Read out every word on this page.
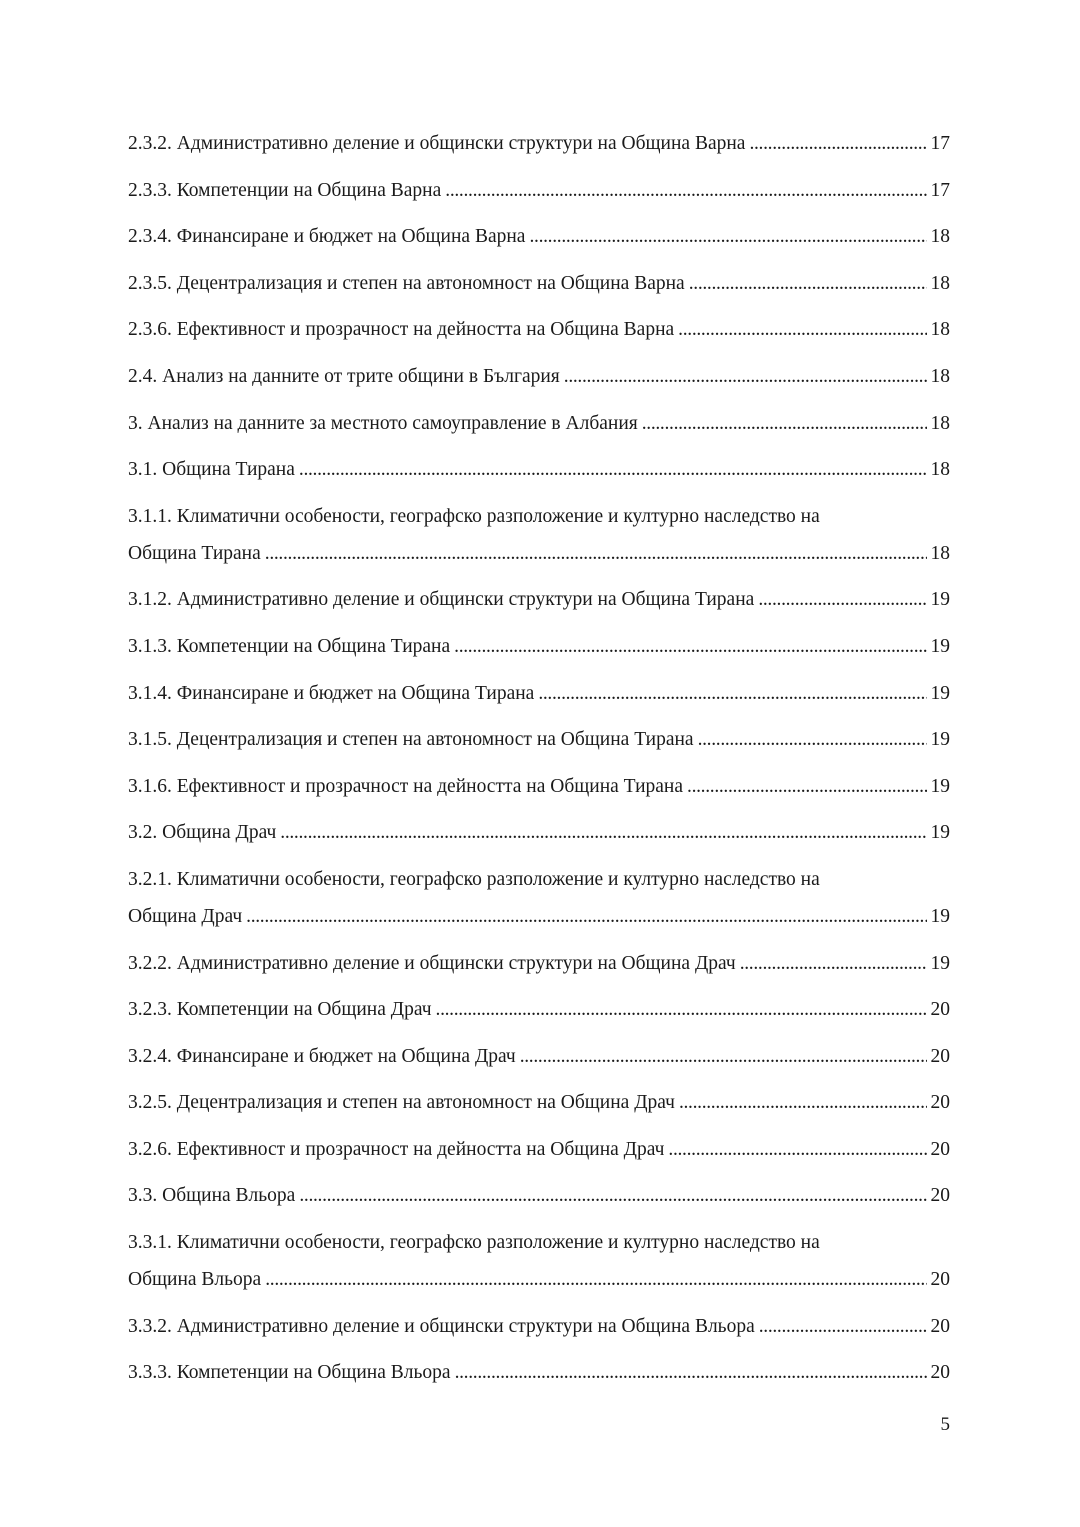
2.3.2. Административно деление и общински структури на Община Варна . . .	17
2.3.3. Компетенции на Община Варна . . .	17
2.3.4. Финансиране и бюджет на Община Варна . . .	18
2.3.5. Децентрализация и степен на автономност на Община Варна . . .	18
2.3.6. Ефективност и прозрачност на дейността на Община Варна . . .	18
2.4. Анализ на данните от трите общини в България . . .	18
3. Анализ на данните за местното самоуправление в Албания . . .	18
3.1. Община Тирана . . .	18
3.1.1. Климатични особености, географско разположение и културно наследство на
Община Тирана . . .	18
3.1.2. Административно деление и общински структури на Община Тирана . . .	19
3.1.3. Компетенции на Община Тирана . . .	19
3.1.4. Финансиране и бюджет на Община Тирана . . .	19
3.1.5. Децентрализация и степен на автономност на Община Тирана . . .	19
3.1.6. Ефективност и прозрачност на дейността на Община Тирана . . .	19
3.2. Община Драч . . .	19
3.2.1. Климатични особености, географско разположение и културно наследство на
Община Драч . . .	19
3.2.2. Административно деление и общински структури на Община Драч . . .	19
3.2.3. Компетенции на Община Драч . . .	20
3.2.4. Финансиране и бюджет на Община Драч . . .	20
3.2.5. Децентрализация и степен на автономност на Община Драч . . .	20
3.2.6. Ефективност и прозрачност на дейността на Община Драч . . .	20
3.3. Община Вльора . . .	20
3.3.1. Климатични особености, географско разположение и културно наследство на
Община Вльора . . .	20
3.3.2. Административно деление и общински структури на Община Вльора . . .	20
3.3.3. Компетенции на Община Вльора . . .	20
5
